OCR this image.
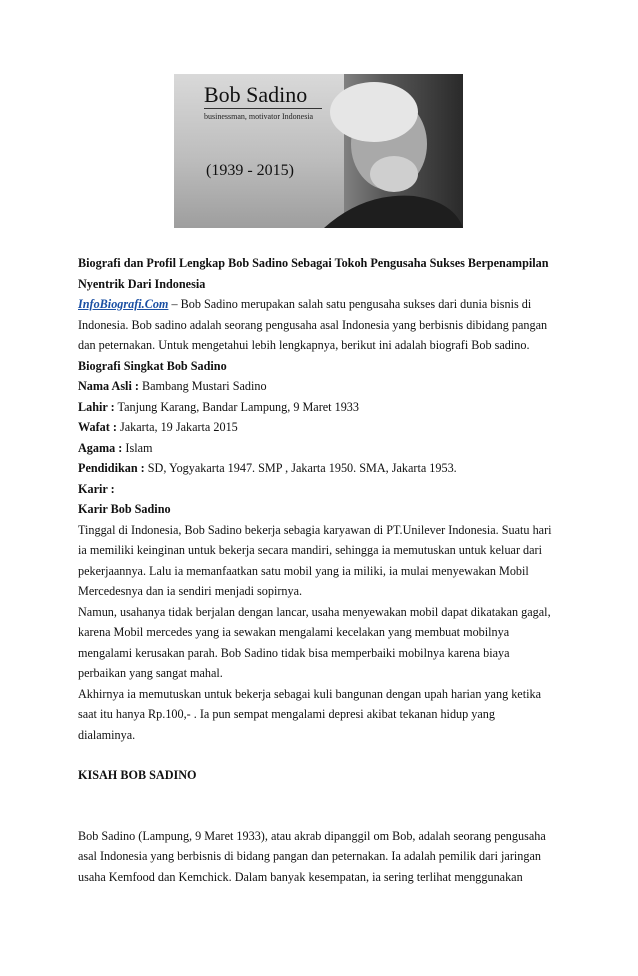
Bob Sadino
businessman, motivator Indonesia
(1939 - 2015)

Biografi dan Profil Lengkap Bob Sadino Sebagai Tokoh Pengusaha Sukses Berpenampilan

Nyentrik Dari Indonesia

InfoBiografi.Com – Bob Sadino merupakan salah satu pengusaha sukses dari dunia bisnis di

Indonesia. Bob sadino adalah seorang pengusaha asal Indonesia yang berbisnis dibidang pangan

dan peternakan. Untuk mengetahui lebih lengkapnya, berikut ini adalah biografi Bob sadino.

Biografi Singkat Bob Sadino

Nama Asli : Bambang Mustari Sadino

Lahir : Tanjung Karang, Bandar Lampung, 9 Maret 1933

Wafat : Jakarta, 19 Jakarta 2015

Agama : Islam

Pendidikan : SD, Yogyakarta 1947. SMP , Jakarta 1950. SMA, Jakarta 1953.

Karir :

Karir Bob Sadino

Tinggal di Indonesia, Bob Sadino bekerja sebagia karyawan di PT.Unilever Indonesia. Suatu hari

ia memiliki keinginan untuk bekerja secara mandiri, sehingga ia memutuskan untuk keluar dari

pekerjaannya. Lalu ia memanfaatkan satu mobil yang ia miliki, ia mulai menyewakan Mobil

Mercedesnya dan ia sendiri menjadi sopirnya.

Namun, usahanya tidak berjalan dengan lancar, usaha menyewakan mobil dapat dikatakan gagal,

karena Mobil mercedes yang ia sewakan mengalami kecelakan yang membuat mobilnya

mengalami kerusakan parah. Bob Sadino tidak bisa memperbaiki mobilnya karena biaya

perbaikan yang sangat mahal.

Akhirnya ia memutuskan untuk bekerja sebagai kuli bangunan dengan upah harian yang ketika

saat itu hanya Rp.100,- . Ia pun sempat mengalami depresi akibat tekanan hidup yang

dialaminya.

KISAH BOB SADINO

Bob Sadino (Lampung, 9 Maret 1933), atau akrab dipanggil om Bob, adalah seorang pengusaha

asal Indonesia yang berbisnis di bidang pangan dan peternakan. Ia adalah pemilik dari jaringan

usaha Kemfood dan Kemchick. Dalam banyak kesempatan, ia sering terlihat menggunakan
